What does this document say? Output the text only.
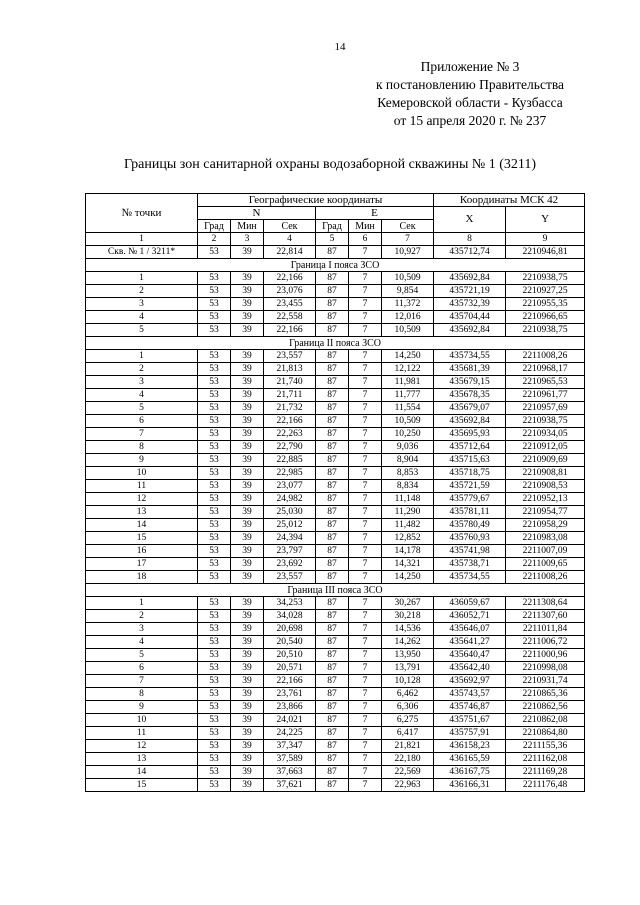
14
Приложение № 3
к постановлению Правительства
Кемеровской области - Кузбасса
от 15 апреля 2020 г. № 237
Границы зон санитарной охраны водозаборной скважины № 1 (3211)
№ точки	Географические координаты						Координаты МСК 42	
	N			E			X	Y
	Град	Мин	Сек	Град	Мин	Сек		
1	2	3	4	5	6	7	8	9
Скв. № 1 / 3211*	53	39	22,814	87	7	10,927	435712,74	2210946,81
Граница I пояса ЗСО								
1	53	39	22,166	87	7	10,509	435692,84	2210938,75
2	53	39	23,076	87	7	9,854	435721,19	2210927,25
3	53	39	23,455	87	7	11,372	435732,39	2210955,35
4	53	39	22,558	87	7	12,016	435704,44	2210966,65
5	53	39	22,166	87	7	10,509	435692,84	2210938,75
Граница II пояса ЗСО								
1	53	39	23,557	87	7	14,250	435734,55	2211008,26
2	53	39	21,813	87	7	12,122	435681,39	2210968,17
3	53	39	21,740	87	7	11,981	435679,15	2210965,53
4	53	39	21,711	87	7	11,777	435678,35	2210961,77
5	53	39	21,732	87	7	11,554	435679,07	2210957,69
6	53	39	22,166	87	7	10,509	435692,84	2210938,75
7	53	39	22,263	87	7	10,250	435695,93	2210934,05
8	53	39	22,790	87	7	9,036	435712,64	2210912,05
9	53	39	22,885	87	7	8,904	435715,63	2210909,69
10	53	39	22,985	87	7	8,853	435718,75	2210908,81
11	53	39	23,077	87	7	8,834	435721,59	2210908,53
12	53	39	24,982	87	7	11,148	435779,67	2210952,13
13	53	39	25,030	87	7	11,290	435781,11	2210954,77
14	53	39	25,012	87	7	11,482	435780,49	2210958,29
15	53	39	24,394	87	7	12,852	435760,93	2210983,08
16	53	39	23,797	87	7	14,178	435741,98	2211007,09
17	53	39	23,692	87	7	14,321	435738,71	2211009,65
18	53	39	23,557	87	7	14,250	435734,55	2211008,26
Граница III пояса ЗСО								
1	53	39	34,253	87	7	30,267	436059,67	2211308,64
2	53	39	34,028	87	7	30,218	436052,71	2211307,60
3	53	39	20,698	87	7	14,536	435646,07	2211011,84
4	53	39	20,540	87	7	14,262	435641,27	2211006,72
5	53	39	20,510	87	7	13,950	435640,47	2211000,96
6	53	39	20,571	87	7	13,791	435642,40	2210998,08
7	53	39	22,166	87	7	10,128	435692,97	2210931,74
8	53	39	23,761	87	7	6,462	435743,57	2210865,36
9	53	39	23,866	87	7	6,306	435746,87	2210862,56
10	53	39	24,021	87	7	6,275	435751,67	2210862,08
11	53	39	24,225	87	7	6,417	435757,91	2210864,80
12	53	39	37,347	87	7	21,821	436158,23	2211155,36
13	53	39	37,589	87	7	22,180	436165,59	2211162,08
14	53	39	37,663	87	7	22,569	436167,75	2211169,28
15	53	39	37,621	87	7	22,963	436166,31	2211176,48
